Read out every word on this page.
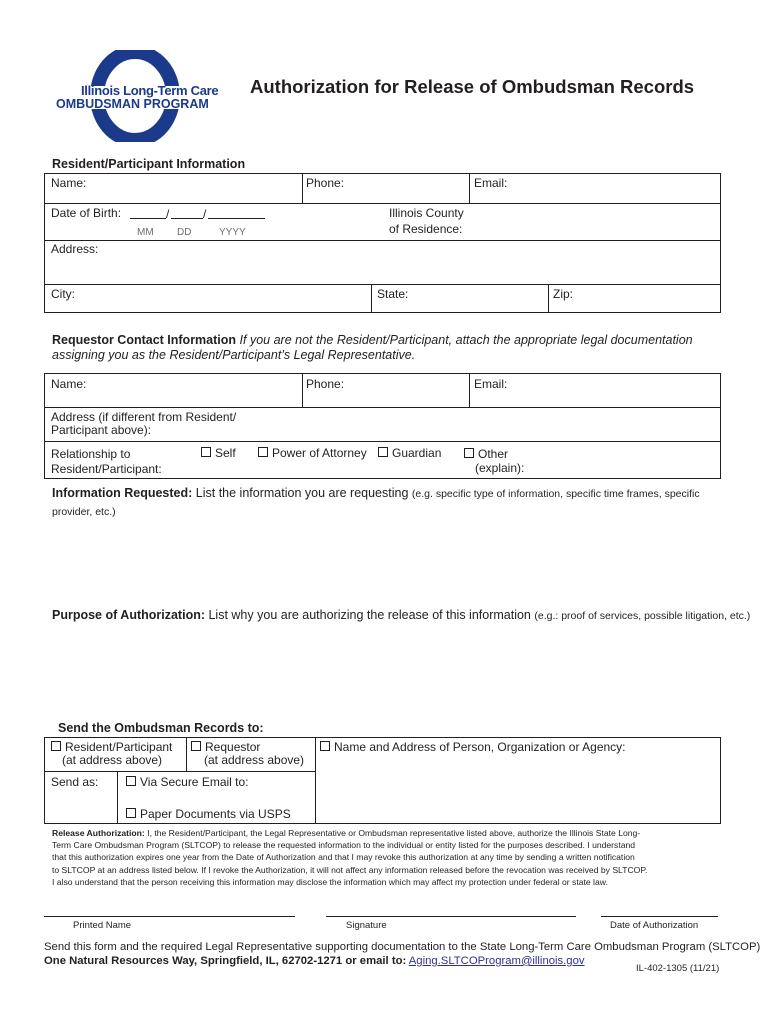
Illinois Long-Term Care
OMBUDSMAN PROGRAM
Authorization for Release of Ombudsman Records
Resident/Participant Information
Name:	Phone:	Email:
Date of Birth:	/	/
MM DD	YYYY
Illinois County
of Residence:
Address:
City:	State:	Zip:
Requestor Contact Information If you are not the Resident/Participant, attach the appropriate legal documentation
assigning you as the Resident/Participant’s Legal Representative.
Name:	Phone:	Email:
Address (if different from Resident/
Participant above):
Relationship to
Resident/Participant:
Self	Power of Attorney	Guardian	Other
(explain):
Information Requested: List the information you are requesting (e.g. specific type of information, specific time frames, specific
provider, etc.)
Purpose of Authorization: List why you are authorizing the release of this information (e.g.: proof of services, possible litigation, etc.)
Send the Ombudsman Records to:
Resident/Participant
(at address above)
Requestor
(at address above)
Name and Address of Person, Organization or Agency:
Send as:	Via Secure Email to:
Paper Documents via USPS
Release Authorization: I, the Resident/Participant, the Legal Representative or Ombudsman representative listed above, authorize the Illinois State Long-
Term Care Ombudsman Program (SLTCOP) to release the requested information to the individual or entity listed for the purposes described. I understand
that this authorization expires one year from the Date of Authorization and that I may revoke this authorization at any time by sending a written notification
to SLTCOP at an address listed below. If I revoke the Authorization, it will not affect any information released before the revocation was received by SLTCOP.
I also understand that the person receiving this information may disclose the information which may affect my protection under federal or state law.
Printed Name	Signature	Date of Authorization
Send this form and the required Legal Representative supporting documentation to the State Long-Term Care Ombudsman Program (SLTCOP)
One Natural Resources Way, Springfield, IL, 62702-1271 or email to: Aging.SLTCOProgram@illinois.gov
IL-402-1305 (11/21)
